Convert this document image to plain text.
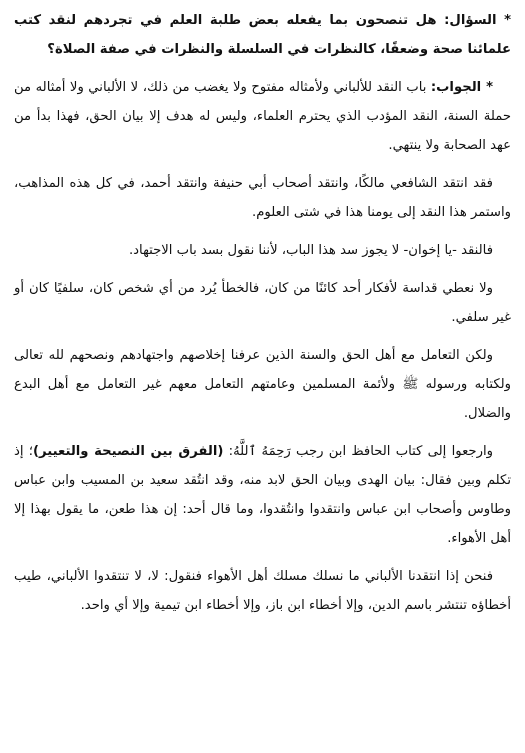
* السؤال: هل تنصحون بما يفعله بعض طلبة العلم في تجردهم لنقد كتب علمائنا صحة وضعفًا، كالنظرات في السلسلة والنظرات في صفة الصلاة؟

* الجواب: باب النقد للألباني ولأمثاله مفتوح ولا يغضب من ذلك، لا الألباني ولا أمثاله من حملة السنة، النقد المؤدب الذي يحترم العلماء، وليس له هدف إلا بيان الحق، فهذا بدأ من عهد الصحابة ولا ينتهي.

فقد انتقد الشافعي مالكًا، وانتقد أصحاب أبي حنيفة وانتقد أحمد، في كل هذه المذاهب، واستمر هذا النقد إلى يومنا هذا في شتى العلوم.

فالنقد -يا إخوان- لا يجوز سد هذا الباب، لأننا نقول بسد باب الاجتهاد.

ولا نعطي قداسة لأفكار أحد كائنًا من كان، فالخطأ يُرد من أي شخص كان، سلفيًا كان أو غير سلفي.

ولكن التعامل مع أهل الحق والسنة الذين عرفنا إخلاصهم واجتهادهم ونصحهم لله تعالى ولكتابه ورسوله ﷺ ولأئمة المسلمين وعامتهم التعامل معهم غير التعامل مع أهل البدع والضلال.

وارجعوا إلى كتاب الحافظ ابن رجب رَحِمَهُ ٱللَّهُ: (الفرق بين النصيحة والتعيير)؛ إذ تكلم وبين فقال: بيان الهدى وبيان الحق لابد منه، وقد انتُقد سعيد بن المسيب وابن عباس وطاوس وأصحاب ابن عباس وانتقدوا وانتُقدوا، وما قال أحد: إن هذا طعن، ما يقول بهذا إلا أهل الأهواء.

فنحن إذا انتقدنا الألباني ما نسلك مسلك أهل الأهواء فنقول: لا، لا تنتقدوا الألباني، طيب أخطاؤه تنتشر باسم الدين، وإلا أخطاء ابن باز، وإلا أخطاء ابن تيمية وإلا أي واحد.
